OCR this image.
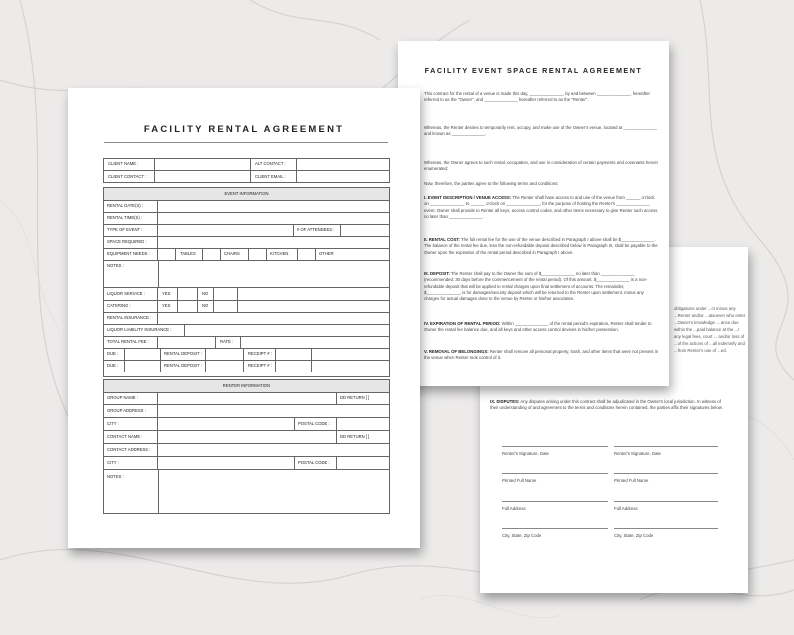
obligations under ...ct minus any ...Renter and/or ...atsoever who enter ...Owner's knowledge ... ance due within the ...paid balance at the ...r any legal fees, court ... and/or loss of ...of the actions of ...all indemnify and ...from Renter's use of ...ed.
IX. DISPUTES: Any disputes arising under this contract shall be adjudicated in the Owner's local jurisdiction. In witness of their understanding of and agreement to the terms and conditions herein contained, the parties affix their signatures below.
Renter's Signature, Date	Renter's Signature, Date
Printed Full Name	Printed Full Name
Full Address	Full Address
City, State, Zip Code	City, State, Zip Code
FACILITY EVENT SPACE RENTAL AGREEMENT
This contract for the rental of a venue is made this day, ______________, by and between ______________, hereafter referred to as the "Owner", and ______________ hereafter referred to as the "Renter".
Whereas, the Renter desires to temporarily rent, occupy, and make use of the Owner's venue, located at ______________ and known as ______________.
Whereas, the Owner agrees to such rental, occupation, and use in consideration of certain payments and covenants herein enumerated;
Now, therefore, the parties agree to the following terms and conditions:
I. EVENT DESCRIPTION / VENUE ACCESS: The Renter shall have access to and use of the venue from ______ o'clock on ______________, to ______ o'clock on ______________, for the purpose of hosting the Renter's ______________ event. Owner shall provide to Renter all keys, access control codes, and other items necessary to give Renter such access no later than ______________.
II. RENTAL COST: The full rental fee for the use of the venue described in Paragraph I above shall be $______________. The balance of the rental fee due, less the non-refundable deposit described below in Paragraph III, shall be payable to the Owner upon the expiration of the rental period described in Paragraph I above.
III. DEPOSIT: The Renter shall pay to the Owner the sum of $______________ no later than ______________ (recommended: 30 days before the commencement of the rental period). Of this amount, $______________ is a non-refundable deposit that will be applied to rental charges upon final settlement of accounts. The remainder, $______________, is for damages/security deposit which will be returned to the Renter upon settlement, minus any charges for actual damages done to the venue by Renter or his/her associates.
IV. EXPIRATION OF RENTAL PERIOD: Within ______________ of the rental period's expiration, Renter shall tender to Owner the rental fee balance due, and all keys and other access control devices in his/her possession.
V. REMOVAL OF BELONGINGS: Renter shall remove all personal property, trash, and other items that were not present in the venue when Renter took control of it.
FACILITY RENTAL AGREEMENT
CLIENT NAME :	ALT CONTACT :
CLIENT CONTACT :	CLIENT EMAIL :
EVENT INFORMATION
RENTAL DATE(S) :
RENTAL TIME(S) :
TYPE OF EVENT :	# OF ATTENDEES :
SPACE REQUIRED :
EQUIPMENT NEEDS :	TABLES	CHAIRS	KITCHEN	OTHER
NOTES :
LIQUOR SERVICE :	YES	NO
CATERING :	YES	NO
RENTAL INSURANCE :
LIQUOR LIABILITY INSURANCE :
TOTAL RENTAL FEE :	RATE :
DUE :	RENTAL DEPOSIT :	RECEIPT # :
DUE :	RENTAL DEPOSIT :	RECEIPT # :
RENTER INFORMATION
GROUP NAME :	DD RETURN [ ]
GROUP ADDRESS :
CITY :	POSTAL CODE :
CONTACT NAME :	DD RETURN [ ]
CONTACT ADDRESS :
CITY :	POSTAL CODE :
NOTES :
